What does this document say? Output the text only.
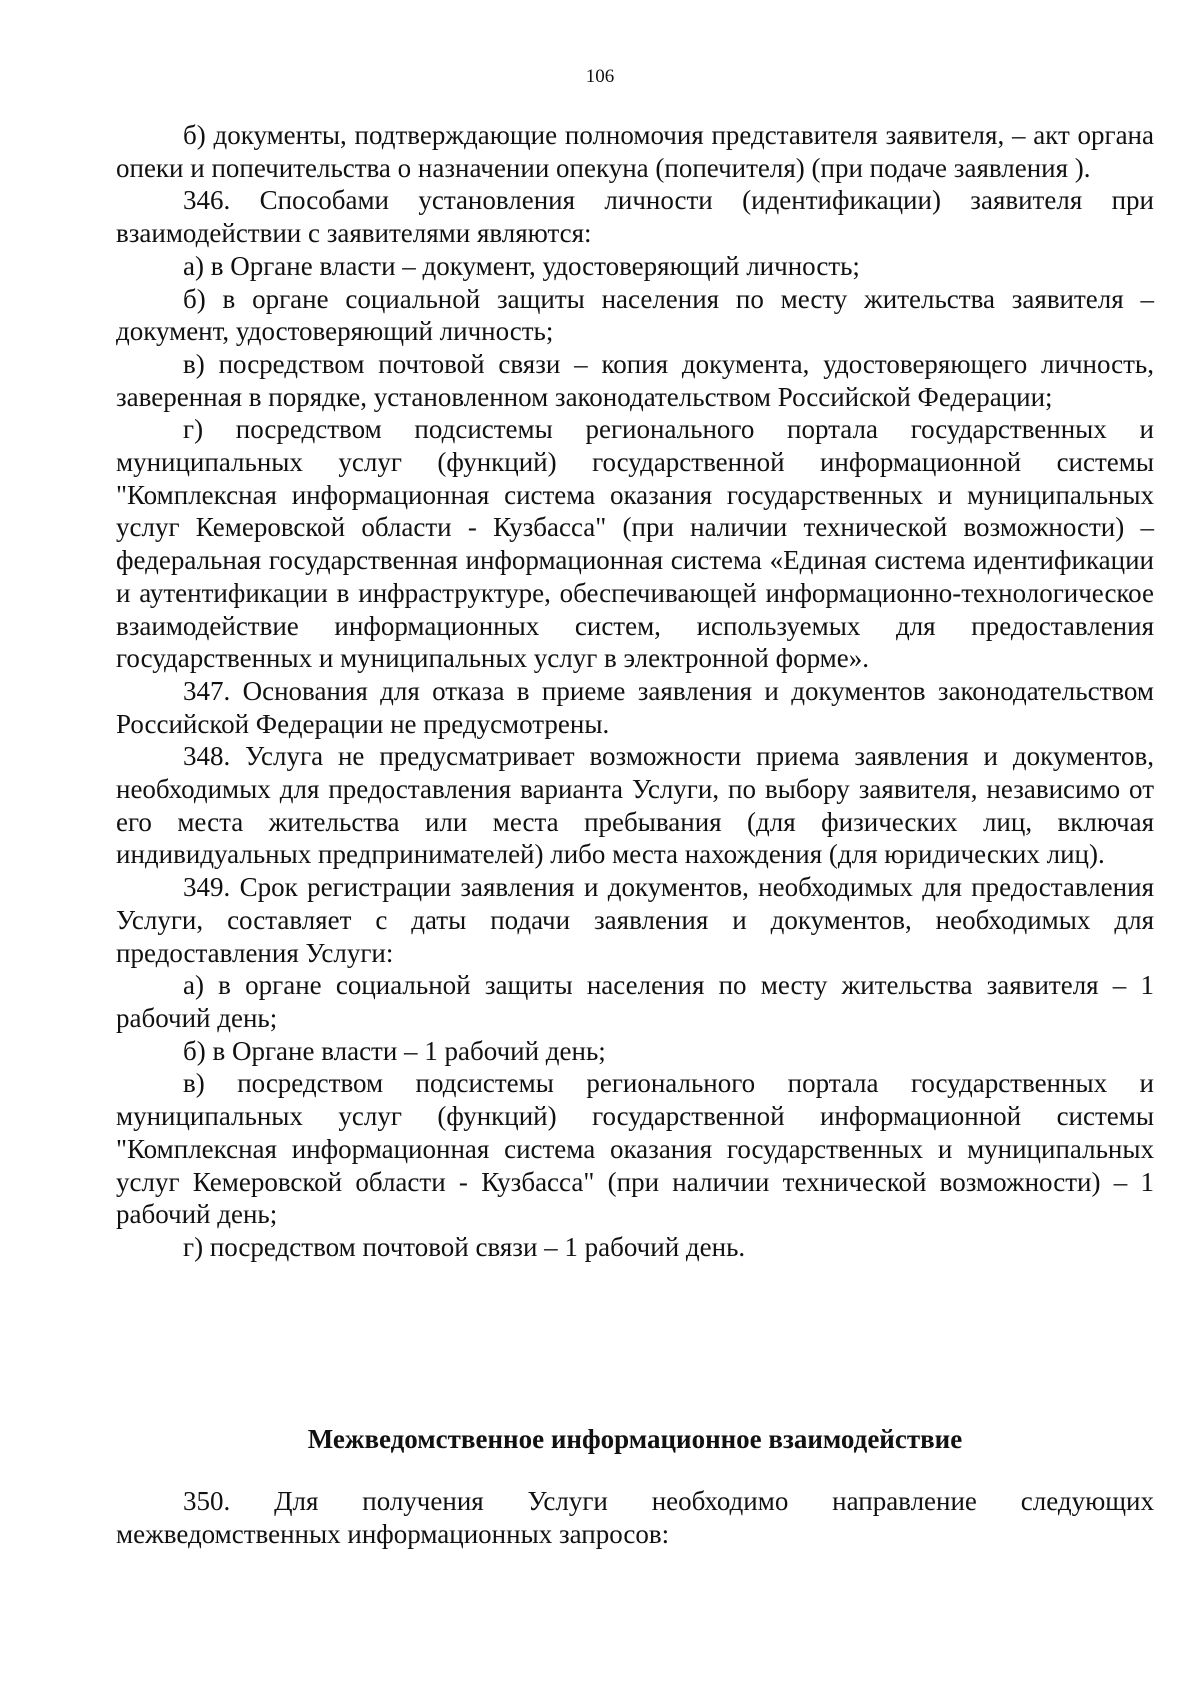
106

б) документы, подтверждающие полномочия представителя заявителя, – акт органа опеки и попечительства о назначении опекуна (попечителя) (при подаче заявления ).

346. Способами установления личности (идентификации) заявителя при взаимодействии с заявителями являются:

а) в Органе власти – документ, удостоверяющий личность;

б) в органе социальной защиты населения по месту жительства заявителя – документ, удостоверяющий личность;

в) посредством почтовой связи – копия документа, удостоверяющего личность, заверенная в порядке, установленном законодательством Российской Федерации;

г) посредством подсистемы регионального портала государственных и муниципальных услуг (функций) государственной информационной системы "Комплексная информационная система оказания государственных и муниципальных услуг Кемеровской области - Кузбасса" (при наличии технической возможности) – федеральная государственная информационная система «Единая система идентификации и аутентификации в инфраструктуре, обеспечивающей информационно-технологическое взаимодействие информационных систем, используемых для предоставления государственных и муниципальных услуг в электронной форме».

347. Основания для отказа в приеме заявления и документов законодательством Российской Федерации не предусмотрены.

348. Услуга не предусматривает возможности приема заявления и документов, необходимых для предоставления варианта Услуги, по выбору заявителя, независимо от его места жительства или места пребывания (для физических лиц, включая индивидуальных предпринимателей) либо места нахождения (для юридических лиц).

349. Срок регистрации заявления и документов, необходимых для предоставления Услуги, составляет с даты подачи заявления и документов, необходимых для предоставления Услуги:

а) в органе социальной защиты населения по месту жительства заявителя – 1 рабочий день;

б) в Органе власти – 1 рабочий день;

в) посредством подсистемы регионального портала государственных и муниципальных услуг (функций) государственной информационной системы "Комплексная информационная система оказания государственных и муниципальных услуг Кемеровской области - Кузбасса" (при наличии технической возможности) – 1 рабочий день;

г) посредством почтовой связи – 1 рабочий день.

Межведомственное информационное взаимодействие

350. Для получения Услуги необходимо направление следующих межведомственных информационных запросов:
